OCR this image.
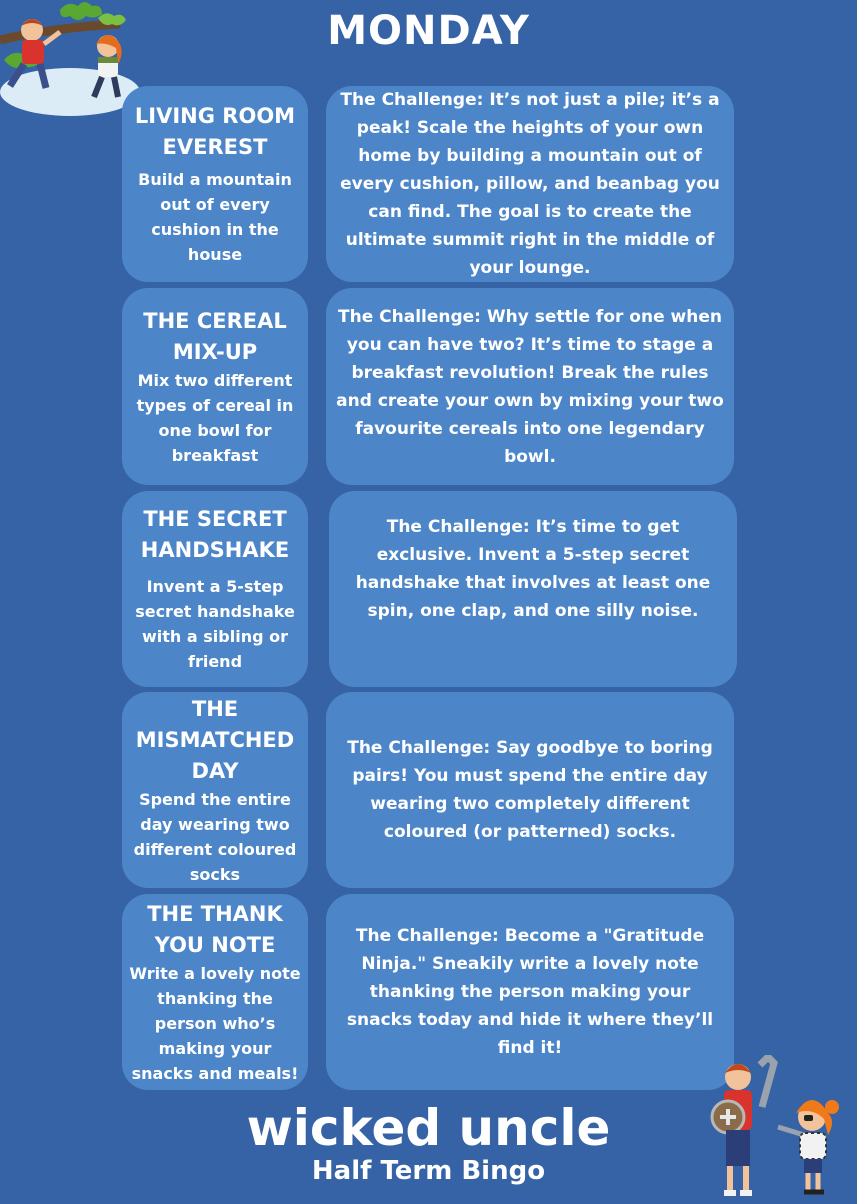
MONDAY
LIVING ROOM EVEREST
Build a mountain out of every cushion in the house
The Challenge: It’s not just a pile; it’s a peak! Scale the heights of your own home by building a mountain out of every cushion, pillow, and beanbag you can find. The goal is to create the ultimate summit right in the middle of your lounge.
THE CEREAL MIX-UP
Mix two different types of cereal in one bowl for breakfast
The Challenge: Why settle for one when you can have two? It’s time to stage a breakfast revolution! Break the rules and create your own by mixing your two favourite cereals into one legendary bowl.
THE SECRET HANDSHAKE
Invent a 5-step secret handshake with a sibling or friend
The Challenge: It’s time to get exclusive. Invent a 5-step secret handshake that involves at least one spin, one clap, and one silly noise.
THE MISMATCHED DAY
Spend the entire day wearing two different coloured socks
The Challenge: Say goodbye to boring pairs! You must spend the entire day wearing two completely different coloured (or patterned) socks.
THE THANK YOU NOTE
Write a lovely note thanking the person who’s making your snacks and meals!
The Challenge: Become a "Gratitude Ninja." Sneakily write a lovely note thanking the person making your snacks today and hide it where they’ll find it!
wicked uncle
Half Term Bingo
